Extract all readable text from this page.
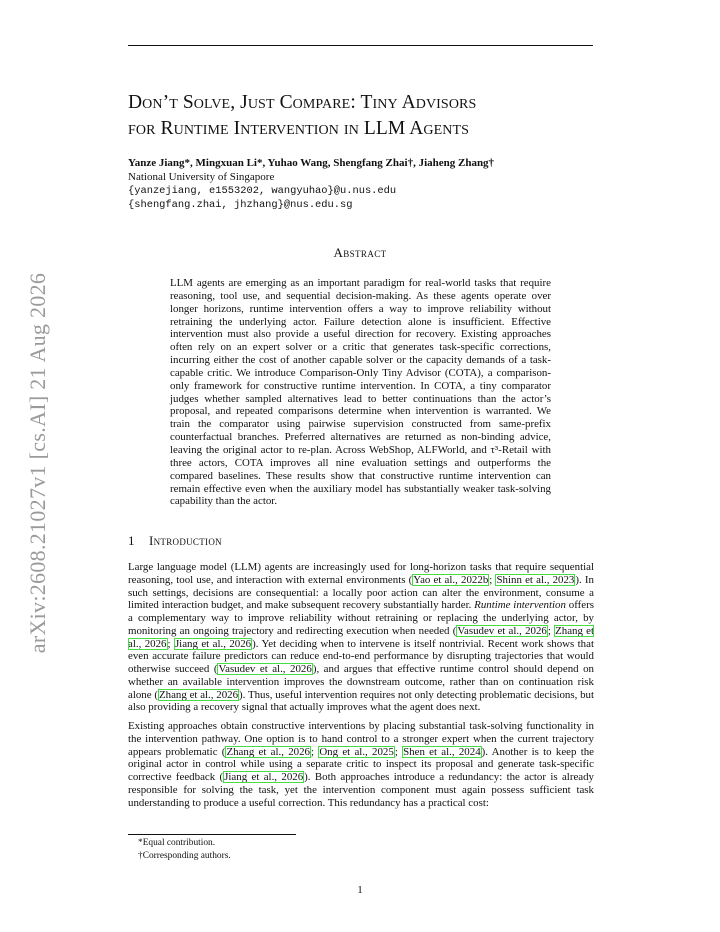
arXiv:2608.21027v1 [cs.AI] 21 Aug 2026
Don’t Solve, Just Compare: Tiny Advisors
for Runtime Intervention in LLM Agents
Yanze Jiang*, Mingxuan Li*, Yuhao Wang, Shengfang Zhai†, Jiaheng Zhang†
National University of Singapore
{yanzejiang, e1553202, wangyuhao}@u.nus.edu
{shengfang.zhai, jhzhang}@nus.edu.sg
Abstract

LLM agents are emerging as an important paradigm for real-world tasks that require reasoning, tool use, and sequential decision-making. As these agents operate over longer horizons, runtime intervention offers a way to improve reliability without retraining the underlying actor. Failure detection alone is insufficient. Effective intervention must also provide a useful direction for recovery. Existing approaches often rely on an expert solver or a critic that generates task-specific corrections, incurring either the cost of another capable solver or the capacity demands of a task-capable critic. We introduce Comparison-Only Tiny Advisor (COTA), a comparison-only framework for constructive runtime intervention. In COTA, a tiny comparator judges whether sampled alternatives lead to better continuations than the actor’s proposal, and repeated comparisons determine when intervention is warranted. We train the comparator using pairwise supervision constructed from same-prefix counterfactual branches. Preferred alternatives are returned as non-binding advice, leaving the original actor to re-plan. Across WebShop, ALFWorld, and τ³-Retail with three actors, COTA improves all nine evaluation settings and outperforms the compared baselines. These results show that constructive runtime intervention can remain effective even when the auxiliary model has substantially weaker task-solving capability than the actor.

1 Introduction

Large language model (LLM) agents are increasingly used for long-horizon tasks that require sequential reasoning, tool use, and interaction with external environments (Yao et al., 2022b; Shinn et al., 2023). In such settings, decisions are consequential: a locally poor action can alter the environment, consume a limited interaction budget, and make subsequent recovery substantially harder. Runtime intervention offers a complementary way to improve reliability without retraining or replacing the underlying actor, by monitoring an ongoing trajectory and redirecting execution when needed (Vasudev et al., 2026; Zhang et al., 2026; Jiang et al., 2026). Yet deciding when to intervene is itself nontrivial. Recent work shows that even accurate failure predictors can reduce end-to-end performance by disrupting trajectories that would otherwise succeed (Vasudev et al., 2026), and argues that effective runtime control should depend on whether an available intervention improves the downstream outcome, rather than on continuation risk alone (Zhang et al., 2026). Thus, useful intervention requires not only detecting problematic decisions, but also providing a recovery signal that actually improves what the agent does next.

Existing approaches obtain constructive interventions by placing substantial task-solving functionality in the intervention pathway. One option is to hand control to a stronger expert when the current trajectory appears problematic (Zhang et al., 2026; Ong et al., 2025; Shen et al., 2024). Another is to keep the original actor in control while using a separate critic to inspect its proposal and generate task-specific corrective feedback (Jiang et al., 2026). Both approaches introduce a redundancy: the actor is already responsible for solving the task, yet the intervention component must again possess sufficient task understanding to produce a useful correction. This redundancy has a practical cost:

*Equal contribution.
†Corresponding authors.
1
